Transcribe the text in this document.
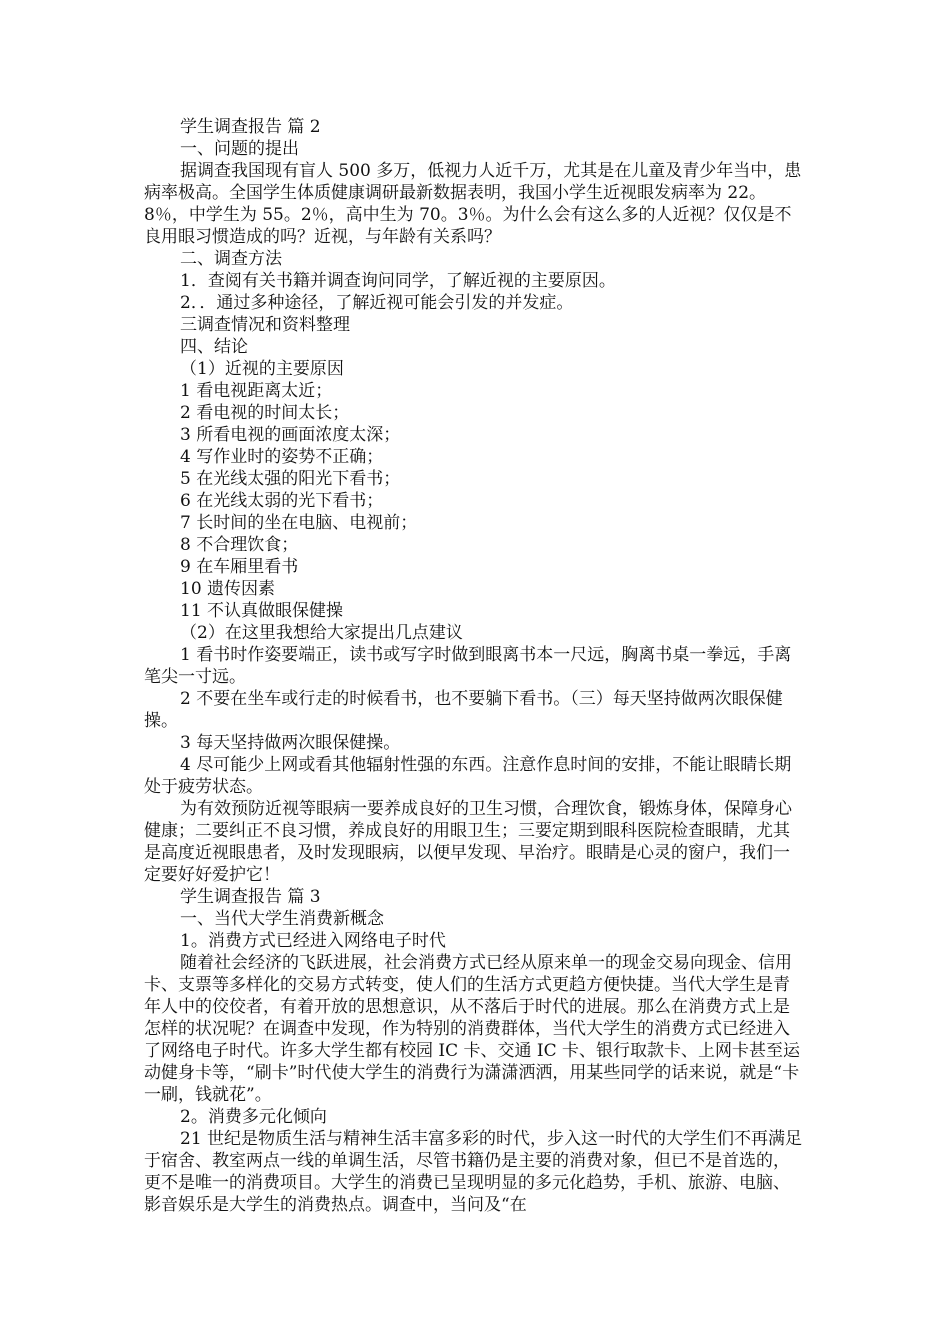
学生调查报告 篇 2

一、问题的提出

据调查我国现有盲人 500 多万，低视力人近千万，尤其是在儿童及青少年当中，患病率极高。全国学生体质健康调研最新数据表明，我国小学生近视眼发病率为 22。8％，中学生为 55。2％，高中生为 70。3％。为什么会有这么多的人近视？仅仅是不良用眼习惯造成的吗？近视，与年龄有关系吗？

二、调查方法

1．查阅有关书籍并调查询问同学，了解近视的主要原因。

2．．通过多种途径，了解近视可能会引发的并发症。

三调查情况和资料整理

四、结论

（1）近视的主要原因

1 看电视距离太近；

2 看电视的时间太长；

3 所看电视的画面浓度太深；

4 写作业时的姿势不正确；

5 在光线太强的阳光下看书；

6 在光线太弱的光下看书；

7 长时间的坐在电脑、电视前；

8 不合理饮食；

9 在车厢里看书

10 遗传因素

11 不认真做眼保健操

（2）在这里我想给大家提出几点建议

1 看书时作姿要端正，读书或写字时做到眼离书本一尺远，胸离书桌一拳远，手离笔尖一寸远。

2 不要在坐车或行走的时候看书，也不要躺下看书。（三）每天坚持做两次眼保健操。

3 每天坚持做两次眼保健操。

4 尽可能少上网或看其他辐射性强的东西。注意作息时间的安排，不能让眼睛长期处于疲劳状态。

为有效预防近视等眼病一要养成良好的卫生习惯，合理饮食，锻炼身体，保障身心健康；二要纠正不良习惯，养成良好的用眼卫生；三要定期到眼科医院检查眼睛，尤其是高度近视眼患者，及时发现眼病，以便早发现、早治疗。眼睛是心灵的窗户，我们一定要好好爱护它！

学生调查报告 篇 3

一、当代大学生消费新概念

1。消费方式已经进入网络电子时代

随着社会经济的飞跃进展，社会消费方式已经从原来单一的现金交易向现金、信用卡、支票等多样化的交易方式转变，使人们的生活方式更趋方便快捷。当代大学生是青年人中的佼佼者，有着开放的思想意识，从不落后于时代的进展。那么在消费方式上是怎样的状况呢？在调查中发现，作为特别的消费群体，当代大学生的消费方式已经进入了网络电子时代。许多大学生都有校园 IC 卡、交通 IC 卡、银行取款卡、上网卡甚至运动健身卡等，“刷卡”时代使大学生的消费行为潇潇洒洒，用某些同学的话来说，就是“卡一刷，钱就花”。

2。消费多元化倾向

21 世纪是物质生活与精神生活丰富多彩的时代，步入这一时代的大学生们不再满足于宿舍、教室两点一线的单调生活，尽管书籍仍是主要的消费对象，但已不是首选的，更不是唯一的消费项目。大学生的消费已呈现明显的多元化趋势，手机、旅游、电脑、影音娱乐是大学生的消费热点。调查中，当问及“在
